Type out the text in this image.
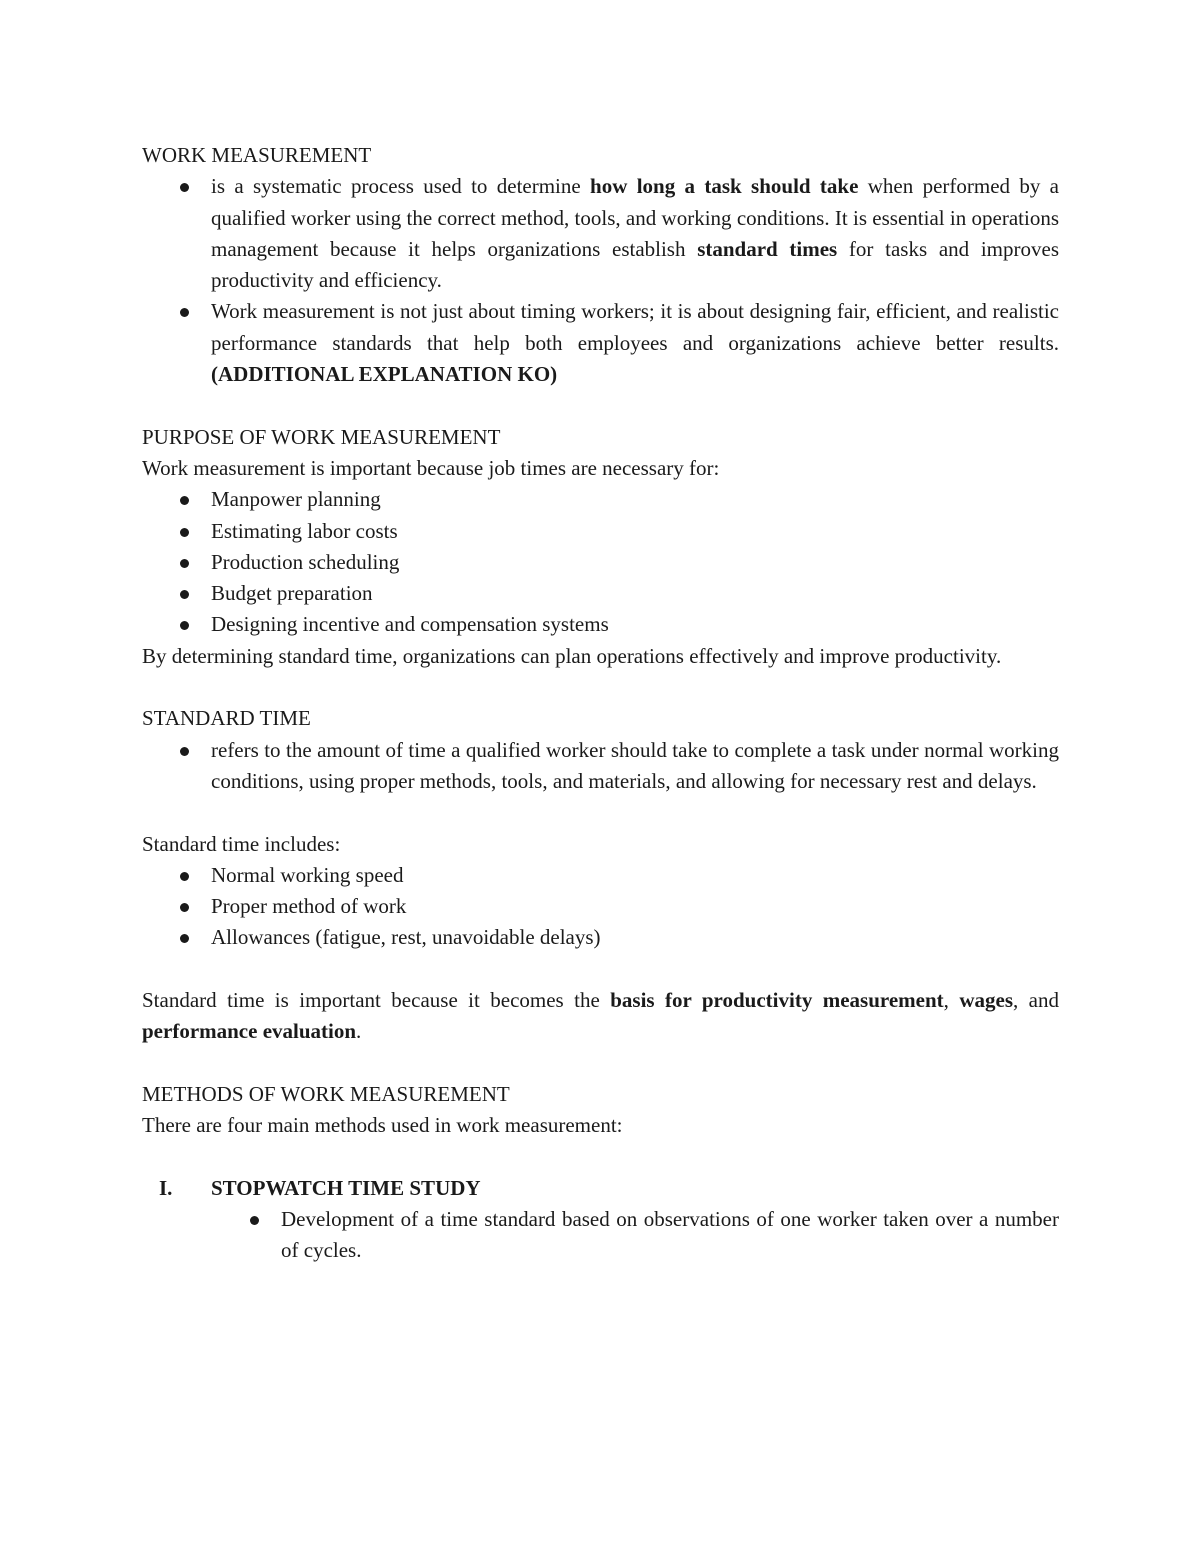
WORK MEASUREMENT

is a systematic process used to determine how long a task should take when performed by a qualified worker using the correct method, tools, and working conditions. It is essential in operations management because it helps organizations establish standard times for tasks and improves productivity and efficiency.
Work measurement is not just about timing workers; it is about designing fair, efficient, and realistic performance standards that help both employees and organizations achieve better results. (ADDITIONAL EXPLANATION KO)

PURPOSE OF WORK MEASUREMENT

Work measurement is important because job times are necessary for:

Manpower planning
Estimating labor costs
Production scheduling
Budget preparation
Designing incentive and compensation systems

By determining standard time, organizations can plan operations effectively and improve productivity.

STANDARD TIME

refers to the amount of time a qualified worker should take to complete a task under normal working conditions, using proper methods, tools, and materials, and allowing for necessary rest and delays.

Standard time includes:

Normal working speed
Proper method of work
Allowances (fatigue, rest, unavoidable delays)

Standard time is important because it becomes the basis for productivity measurement, wages, and performance evaluation.

METHODS OF WORK MEASUREMENT

There are four main methods used in work measurement:

I.	STOPWATCH TIME STUDY
Development of a time standard based on observations of one worker taken over a number of cycles.
